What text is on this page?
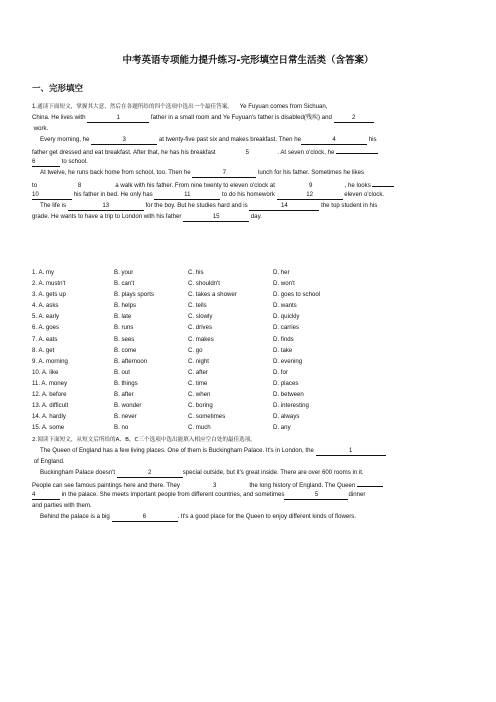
中考英语专项能力提升练习-完形填空日常生活类（含答案）
一、完形填空
1.通读下面短文，掌握其大意，然后在各题所给的四个选项中选出一个最佳答案。 Ye Fuyuan comes from Sichuan,
China. He lives with	1	father in a small room and Ye Fuyuan's father is disabled(残疾) and	2
work.
Every morning, he	3	at twenty-five past six and makes breakfast. Then he	4	his
father get dressed and eat breakfast. After that, he has his breakfast	5	. At seven o'clock, he
6	to school.
At twelve, he runs back home from school, too. Then he	7	lunch for his father. Sometimes he likes
to	8	a walk with his father. From nine twenty to eleven o'clock at	9	, he looks
10	his father in bed. He only has	11	to do his homework	12	eleven o'clock.
The life is	13	for the boy. But he studies hard and is	14	the top student in his
grade. He wants to have a trip to London with his father	15	day.
1. A. my	B. your	C. his	D. her
2. A. mustn't	B. can't	C. shouldn't	D. won't
3. A. gets up	B. plays sports	C. takes a shower	D. goes to school
4. A. asks	B. helps	C. tells	D. wants
5. A. early	B. late	C. slowly	D. quickly
6. A. goes	B. runs	C. drives	D. carries
7. A. eats	B. sees	C. makes	D. finds
8. A. get	B. come	C. go	D. take
9. A. morning	B. afternoon	C. night	D. evening
10. A. like	B. out	C. after	D. for
11. A. money	B. things	C. time	D. places
12. A. before	B. after	C. when	D. between
13. A. difficult	B. wonder	C. boring	D. interesting
14. A. hardly	B. never	C. sometimes	D. always
15. A. some	B. no	C. much	D. any
2.阅读下面短文，从短文后所给的A、B、C三个选项中选出能填入相应空白处的最佳选项。
The Queen of England has a few living places. One of them is Buckingham Palace. It's in London, the	1
of England.
Buckingham Palace doesn't	2	special outside, but it's great inside. There are over 600 rooms in it.
People can see famous paintings here and there. They	3	the long history of England. The Queen
4	in the palace. She meets important people from different countries, and sometimes	5	dinner
and parties with them.
Behind the palace is a big	6	. It's a good place for the Queen to enjoy different kinds of flowers.
